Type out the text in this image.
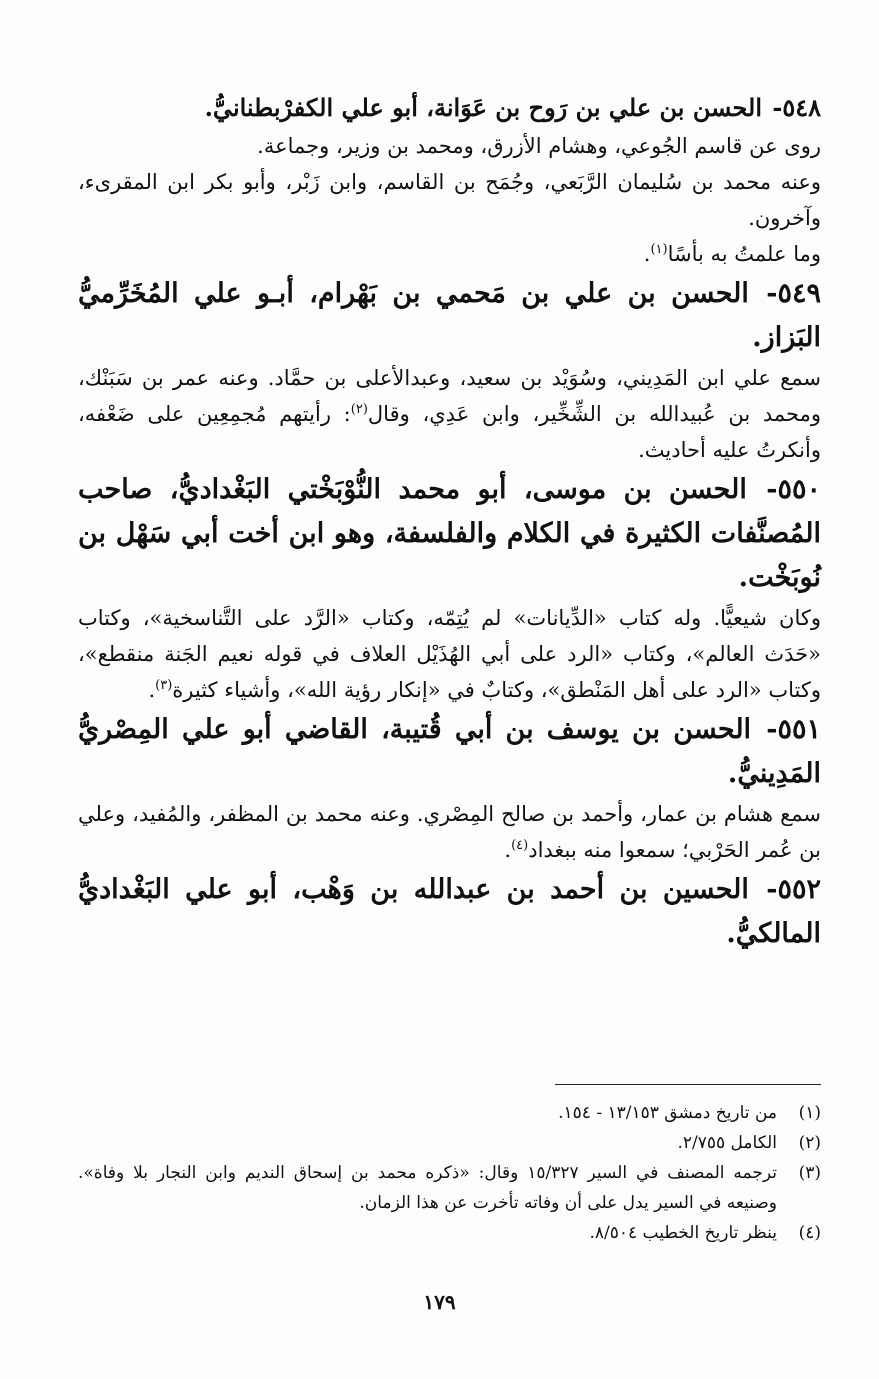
٥٤٨- الحسن بن علي بن رَوح بن عَوَانة، أبو علي الكفرْبطنانيُّ.

روى عن قاسم الجُوعي، وهشام الأزرق، ومحمد بن وزير، وجماعة.

وعنه محمد بن سُليمان الرَّبَعي، وجُمَح بن القاسم، وابن زَبْر، وأبو بكر ابن المقرىء، وآخرون.

وما علمتُ به بأسًا$^{(١)}$.

٥٤٩- الحسن بن علي بن مَحمي بن بَهْرام، أبـو علي المُخَرِّميُّ البَزاز.

سمع علي ابن المَدِيني، وسُوَيْد بن سعيد، وعبدالأعلى بن حمَّاد. وعنه عمر بن سَبَنْك، ومحمد بن عُبيدالله بن الشِّخِّير، وابن عَدِي، وقال$^{(٢)}$: رأيتهم مُجمِعِين على ضَعْفه، وأنكرتُ عليه أحاديث.

٥٥٠- الحسن بن موسى، أبو محمد النُّوْبَخْتي البَغْداديُّ، صاحب المُصنَّفات الكثيرة في الكلام والفلسفة، وهو ابن أخت أبي سَهْل بن نُوبَخْت.

وكان شيعيًّا. وله كتاب «الدِّيانات» لم يُتِمّه، وكتاب «الرَّد على التَّناسخية»، وكتاب «حَدَث العالم»، وكتاب «الرد على أبي الهُذَيْل العلاف في قوله نعيم الجَنة منقطع»، وكتاب «الرد على أهل المَنْطق»، وكتابٌ في «إنكار رؤية الله»، وأشياء كثيرة$^{(٣)}$.

٥٥١- الحسن بن يوسف بن أبي قُتيبة، القاضي أبو علي المِصْريُّ المَدِينيُّ.

سمع هشام بن عمار، وأحمد بن صالح المِصْري. وعنه محمد بن المظفر، والمُفيد، وعلي بن عُمر الحَرْبي؛ سمعوا منه ببغداد$^{(٤)}$.

٥٥٢- الحسين بن أحمد بن عبدالله بن وَهْب، أبو علي البَغْداديُّ المالكيُّ.

(١)
من تاريخ دمشق ١٣/١٥٣ - ١٥٤.
(٢)
الكامل ٢/٧٥٥.
(٣)
ترجمه المصنف في السير ١٥/٣٢٧ وقال: «ذكره محمد بن إسحاق النديم وابن النجار بلا وفاة». وصنيعه في السير يدل على أن وفاته تأخرت عن هذا الزمان.
(٤)
ينظر تاريخ الخطيب ٨/٥٠٤.
١٧٩
